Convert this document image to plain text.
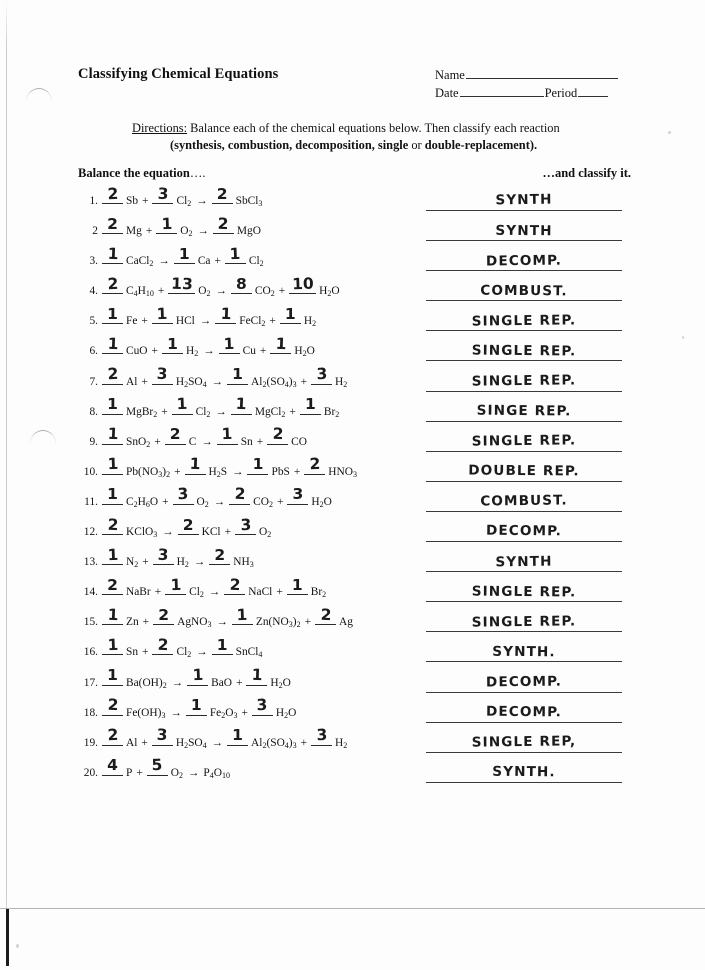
Classifying Chemical Equations	Name
Date	Period
Directions: Balance each of the chemical equations below. Then classify each reaction
(synthesis, combustion, decomposition, single or double-replacement).
Balance the equation….	…and classify it.
1. 2 Sb + 3 $Cl_2 \to 2$ SbCl$_3$	SYNTH
2 2 Mg + 1 $O_2 \to 2$ MgO	SYNTH
3. 1 CaCl$_2$ → 1 Ca + 1 $Cl_2$	DECOMP.
4. 2 $C_4H_{10} + 13$ $O_2 \to 8$ $CO_2 + 10$ $H_2O$	COMBUST.
5. 1 Fe + 1 HCl → 1 FeCl$_2$ + 1 $H_2$	SINGLE REP.
6. 1 CuO + 1 $H_2 \to 1$ Cu + 1 $H_2O$	SINGLE REP.
7. 2 Al + 3 $H_2SO_4 \to 1$ $Al_2(SO_4)_3 + 3$ $H_2$	SINGLE REP.
8. 1 MgBr$_2$ + 1 $Cl_2 \to 1$ MgCl$_2$ + 1 $Br_2$	SINGE REP.
9. 1 SnO$_2$ + 2 C → 1 Sn + 2 CO	SINGLE REP.
10. 1 $Pb(NO_3)_2 + 1$ $H_2S \to 1$ PbS + 2 $HNO_3$	DOUBLE REP.
11. 1 $C_2H_6O + 3$ $O_2 \to 2$ $CO_2 + 3$ $H_2O$	COMBUST.
12. 2 KClO$_3$ → 2 KCl + 3 $O_2$	DECOMP.
13. 1 $N_2 + 3$ $H_2 \to 2$ $NH_3$	SYNTH
14. 2 NaBr + 1 $Cl_2 \to 2$ NaCl + 1 $Br_2$	SINGLE REP.
15. 1 Zn + 2 AgNO$_3$ → 1 $Zn(NO_3)_2 + 2$ Ag	SINGLE REP.
16. 1 Sn + 2 $Cl_2 \to 1$ SnCl$_4$	SYNTH.
17. 1 $Ba(OH)_2 \to 1$ BaO + 1 $H_2O$	DECOMP.
18. 2 $Fe(OH)_3 \to 1$ $Fe_2O_3 + 3$ $H_2O$	DECOMP.
19. 2 Al + 3 $H_2SO_4 \to 1$ $Al_2(SO_4)_3 + 3$ $H_2$	SINGLE REP,
20. 4 P + 5 $O_2 \to P_4O_{10}$	SYNTH.
